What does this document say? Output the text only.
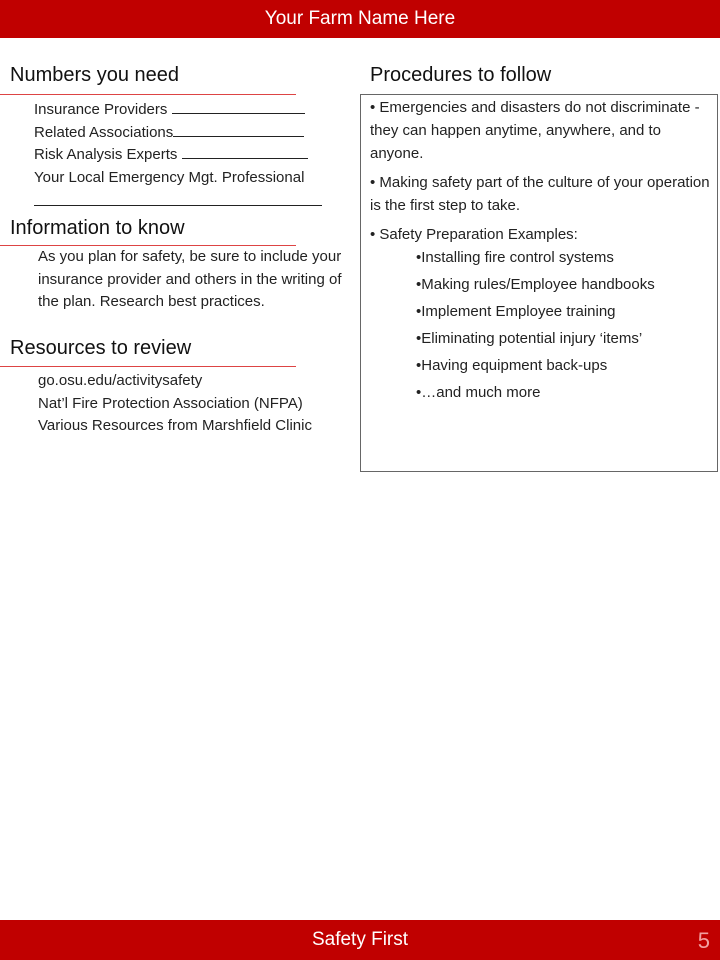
Your Farm Name Here
Numbers you need

Insurance Providers

Related Associations

Risk Analysis Experts

Your Local Emergency Mgt. Professional

Information to know

As you plan for safety, be sure to include your insurance provider and others in the writing of the plan. Research best practices.

Resources to review

go.osu.edu/activitysafety

Nat’l Fire Protection Association (NFPA)

Various Resources from Marshfield Clinic

Procedures to follow

• Emergencies and disasters do not discriminate - they can happen anytime, anywhere, and to anyone.

• Making safety part of the culture of your operation is the first step to take.

• Safety Preparation Examples:

•Installing fire control systems
•Making rules/Employee handbooks
•Implement Employee training
•Eliminating potential injury ‘items’
•Having equipment back-ups
•…and much more
Safety First	5
